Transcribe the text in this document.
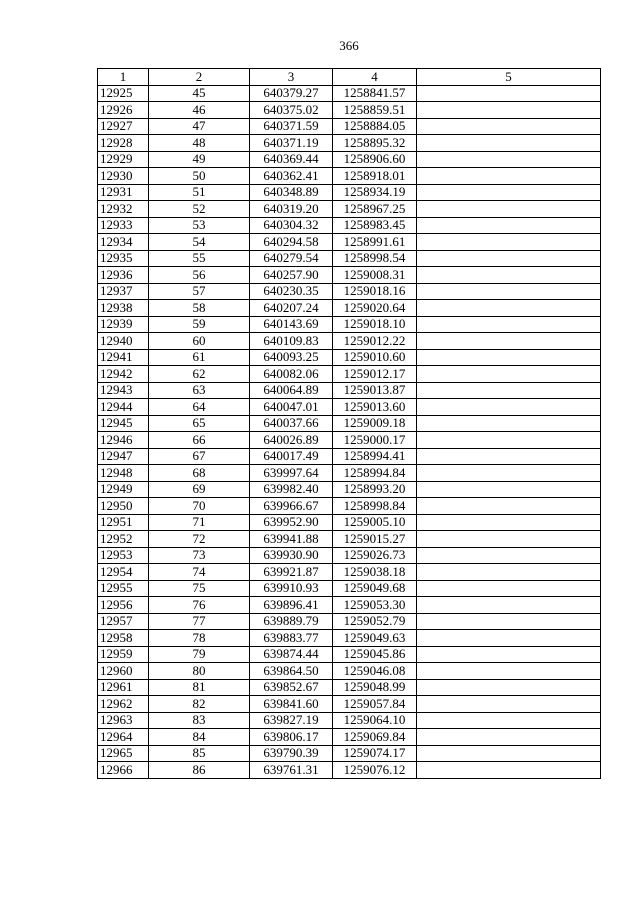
366
1	2	3	4	5
12925	45	640379.27	1258841.57	
12926	46	640375.02	1258859.51	
12927	47	640371.59	1258884.05	
12928	48	640371.19	1258895.32	
12929	49	640369.44	1258906.60	
12930	50	640362.41	1258918.01	
12931	51	640348.89	1258934.19	
12932	52	640319.20	1258967.25	
12933	53	640304.32	1258983.45	
12934	54	640294.58	1258991.61	
12935	55	640279.54	1258998.54	
12936	56	640257.90	1259008.31	
12937	57	640230.35	1259018.16	
12938	58	640207.24	1259020.64	
12939	59	640143.69	1259018.10	
12940	60	640109.83	1259012.22	
12941	61	640093.25	1259010.60	
12942	62	640082.06	1259012.17	
12943	63	640064.89	1259013.87	
12944	64	640047.01	1259013.60	
12945	65	640037.66	1259009.18	
12946	66	640026.89	1259000.17	
12947	67	640017.49	1258994.41	
12948	68	639997.64	1258994.84	
12949	69	639982.40	1258993.20	
12950	70	639966.67	1258998.84	
12951	71	639952.90	1259005.10	
12952	72	639941.88	1259015.27	
12953	73	639930.90	1259026.73	
12954	74	639921.87	1259038.18	
12955	75	639910.93	1259049.68	
12956	76	639896.41	1259053.30	
12957	77	639889.79	1259052.79	
12958	78	639883.77	1259049.63	
12959	79	639874.44	1259045.86	
12960	80	639864.50	1259046.08	
12961	81	639852.67	1259048.99	
12962	82	639841.60	1259057.84	
12963	83	639827.19	1259064.10	
12964	84	639806.17	1259069.84	
12965	85	639790.39	1259074.17	
12966	86	639761.31	1259076.12	
